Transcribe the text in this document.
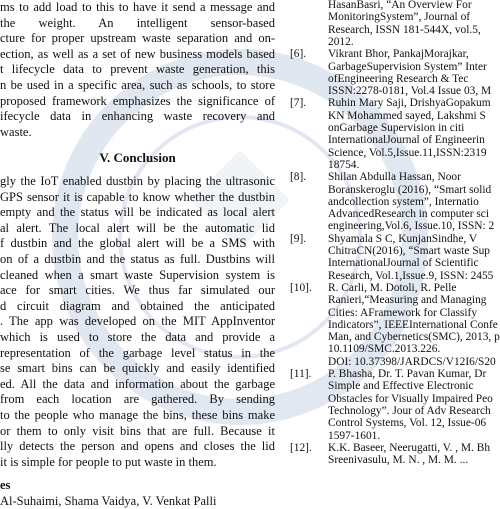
ms to add load to this to have it send a message and
the weight. An intelligent sensor-based
cture for proper upstream waste separation and on-
ection, as well as a set of new business models based
t lifecycle data to prevent waste generation, this
n be used in a specific area, such as schools, to store
proposed framework emphasizes the significance of
ifecycle data in enhancing waste recovery and
waste.
V. Conclusion
gly the IoT enabled dustbin by placing the ultrasonic
GPS sensor it is capable to know whether the dustbin
empty and the status will be indicated as local alert
al alert. The local alert will be the automatic lid
f dustbin and the global alert will be a SMS with
on of a dustbin and the status as full. Dustbins will
cleaned when a smart waste Supervision system is
ace for smart cities. We thus far simulated our
d circuit diagram and obtained the anticipated
. The app was developed on the MIT AppInventor
which is used to store the data and provide a
representation of the garbage level status in the
se smart bins can be quickly and easily identified
ed. All the data and information about the garbage
from each location are gathered. By sending
to the people who manage the bins, these bins make
or them to only visit bins that are full. Because it
lly detects the person and opens and closes the lid
it is simple for people to put waste in them.
es
Al-Suhaimi, Shama Vaidya, V. Venkat Palli
HasanBasri, “An Overview For
MonitoringSystem”, Journal of
Research, ISSN 181-544X, vol.5,
2012.
[6]. Vikrant Bhor, PankajMorajkar,
GarbageSupervision System” Inter
ofEngineering Research & Tec
ISSN:2278-0181, Vol.4 Issue 03, M
[7]. Ruhin Mary Saji, DrishyaGopakum
KN Mohammed sayed, Lakshmi S
onGarbage Supervision in citi
InternationalJournal of Engineerin
Science, Vol.5,Issue.11,ISSN:2319
18754.
[8]. Shilan Abdulla Hassan, Noor
Boranskeroglu (2016), “Smart solid
andcollection system”, Internatio
AdvancedResearch in computer sci
engineering,Vol.6, Issue.10, ISSN: 2
[9]. Shyamala S C, KunjanSindhe, V
ChitraCN(2016), “Smart waste Sup
InternationalJournal of Scientific
Research, Vol.1,Issue.9, ISSN: 2455
[10]. R. Carli, M. Dotoli, R. Pelle
Ranieri,“Measuring and Managing
Cities: AFramework for Classify
Indicators”, IEEEInternational Confe
Man, and Cybernetics(SMC), 2013, p
10.1109/SMC.2013.226.
DOI: 10.37398/JARDCS/V12I6/S20
[11]. P. Bhasha, Dr. T. Pavan Kumar, Dr
Simple and Effective Electronic
Obstacles for Visually Impaired Peo
Technology”. Jour of Adv Research
Control Systems, Vol. 12, Issue-06
1597-1601.
[12]. K.K. Baseer, Neerugatti, V. , M. Bh
Sreenivasulu, M. N. , M. M. ...
